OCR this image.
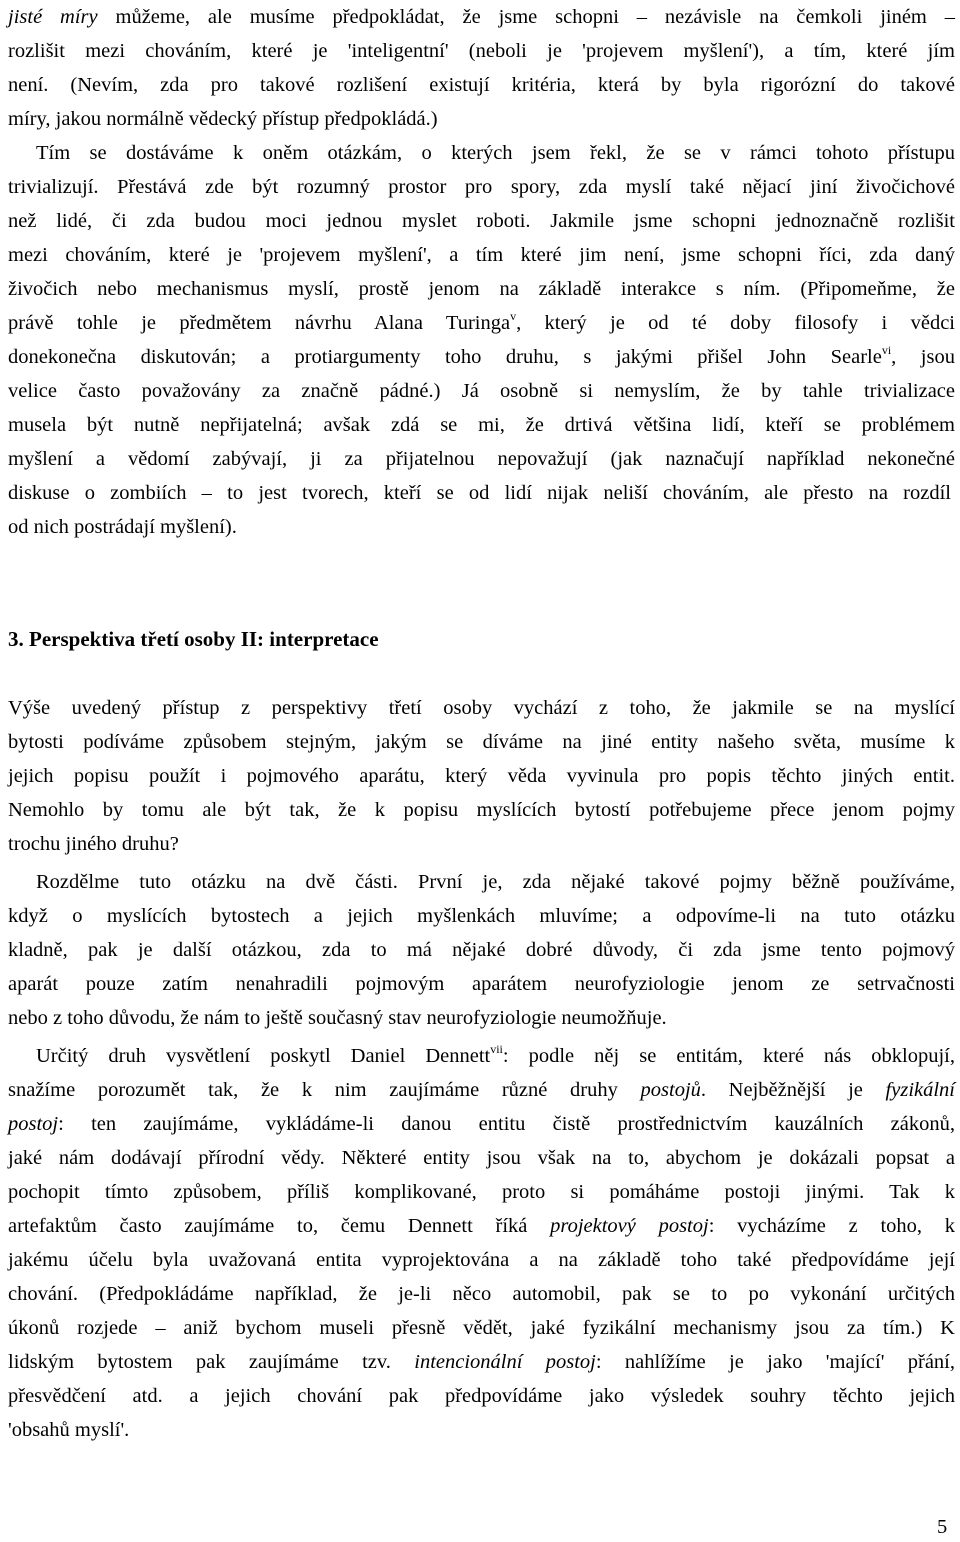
jisté míry můžeme, ale musíme předpokládat, že jsme schopni – nezávisle na čemkoli jiném –
rozlišit mezi chováním, které je 'inteligentní' (neboli je 'projevem myšlení'), a tím, které jím
není. (Nevím, zda pro takové rozlišení existují kritéria, která by byla rigorózní do takové
míry, jakou normálně vědecký přístup předpokládá.)
Tím se dostáváme k oněm otázkám, o kterých jsem řekl, že se v rámci tohoto přístupu
trivializují. Přestává zde být rozumný prostor pro spory, zda myslí také nějací jiní živočichové
než lidé, či zda budou moci jednou myslet roboti. Jakmile jsme schopni jednoznačně rozlišit
mezi chováním, které je 'projevem myšlení', a tím které jim není, jsme schopni říci, zda daný
živočich nebo mechanismus myslí, prostě jenom na základě interakce s ním. (Připomeňme, že
právě tohle je předmětem návrhu Alana Turinga$^v$, který je od té doby filosofy i vědci
donekonečna diskutován; a protiargumenty toho druhu, s jakými přišel John Searle$^{vi}$, jsou
velice často považovány za značně pádné.) Já osobně si nemyslím, že by tahle trivializace
musela být nutně nepřijatelná; avšak zdá se mi, že drtivá většina lidí, kteří se problémem
myšlení a vědomí zabývají, ji za přijatelnou nepovažují (jak naznačují například nekonečné
diskuse o zombiích – to jest tvorech, kteří se od lidí nijak neliší chováním, ale přesto na rozdíl
od nich postrádají myšlení).
3. Perspektiva třetí osoby II: interpretace
Výše uvedený přístup z perspektivy třetí osoby vychází z toho, že jakmile se na myslící
bytosti podíváme způsobem stejným, jakým se díváme na jiné entity našeho světa, musíme k
jejich popisu použít i pojmového aparátu, který věda vyvinula pro popis těchto jiných entit.
Nemohlo by tomu ale být tak, že k popisu myslících bytostí potřebujeme přece jenom pojmy
trochu jiného druhu?
Rozdělme tuto otázku na dvě části. První je, zda nějaké takové pojmy běžně používáme,
když o myslících bytostech a jejich myšlenkách mluvíme; a odpovíme-li na tuto otázku
kladně, pak je další otázkou, zda to má nějaké dobré důvody, či zda jsme tento pojmový
aparát pouze zatím nenahradili pojmovým aparátem neurofyziologie jenom ze setrvačnosti
nebo z toho důvodu, že nám to ještě současný stav neurofyziologie neumožňuje.
Určitý druh vysvětlení poskytl Daniel Dennett$^{vii}$: podle něj se entitám, které nás obklopují,
snažíme porozumět tak, že k nim zaujímáme různé druhy postojů. Nejběžnější je fyzikální
postoj: ten zaujímáme, vykládáme-li danou entitu čistě prostřednictvím kauzálních zákonů,
jaké nám dodávají přírodní vědy. Některé entity jsou však na to, abychom je dokázali popsat a
pochopit tímto způsobem, příliš komplikované, proto si pomáháme postoji jinými. Tak k
artefaktům často zaujímáme to, čemu Dennett říká projektový postoj: vycházíme z toho, k
jakému účelu byla uvažovaná entita vyprojektována a na základě toho také předpovídáme její
chování. (Předpokládáme například, že je-li něco automobil, pak se to po vykonání určitých
úkonů rozjede – aniž bychom museli přesně vědět, jaké fyzikální mechanismy jsou za tím.) K
lidským bytostem pak zaujímáme tzv. intencionální postoj: nahlížíme je jako 'mající' přání,
přesvědčení atd. a jejich chování pak předpovídáme jako výsledek souhry těchto jejich
'obsahů myslí'.
5
